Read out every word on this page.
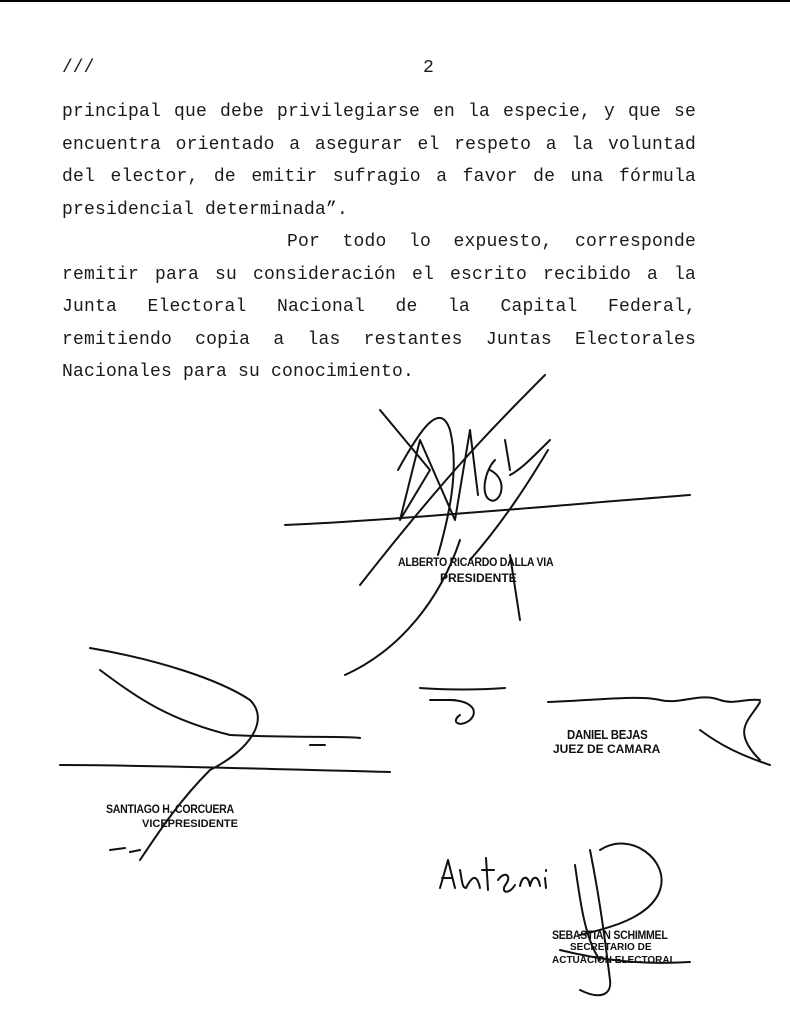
///	2
principal que debe privilegiarse en la especie, y que se
encuentra orientado a asegurar el respeto a la voluntad
del elector, de emitir sufragio a favor de una fórmula
presidencial determinada”.
Por todo lo expuesto, corresponde
remitir para su consideración el escrito recibido a la
Junta Electoral Nacional de la Capital Federal,
remitiendo copia a las restantes Juntas Electorales
Nacionales para su conocimiento.
ALBERTO RICARDO DALLA VIA
PRESIDENTE
DANIEL BEJAS
JUEZ DE CAMARA
SANTIAGO H. CORCUERA
VICEPRESIDENTE
SEBASTIAN SCHIMMEL
SECRETARIO DE
ACTUACION ELECTORAL
